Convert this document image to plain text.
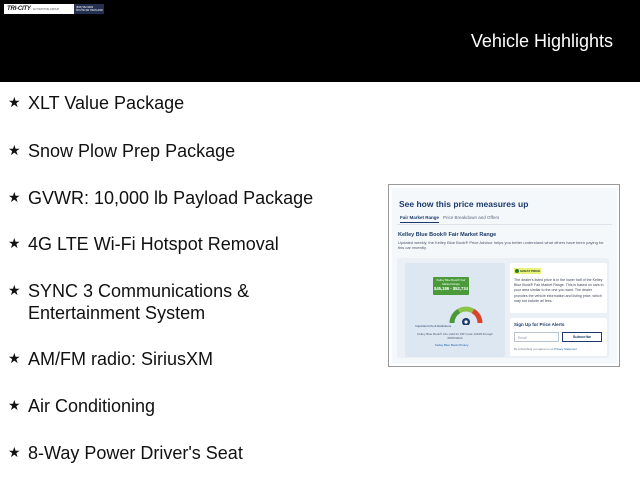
TRI-CITY AUTOMOTIVE GROUP	(833) 562-9082
ROUTE 9W HIGHLAND
Vehicle Highlights
★ XLT Value Package
★ Snow Plow Prep Package
★ GVWR: 10,000 lb Payload Package
★ 4G LTE Wi-Fi Hotspot Removal
★ SYNC 3 Communications & Entertainment System
★ AM/FM radio: SiriusXM
★ Air Conditioning
★ 8-Way Power Driver's Seat
See how this price measures up
Fair Market Range Price Breakdown and Offers
Kelley Blue Book® Fair Market Range
Updated weekly, the Kelley Blue Book® Price Advisor helps you better understand what others have been paying for this car recently.
Kelley Blue Book® Fair Market Range
$45,186 - $52,734
Important Info & Definitions
Kelley Blue Book® info valid for ZIP Code 12428 through 08/05/2022
Kelley Blue Book Privacy
GREAT PRICE
The dealer's listed price is in the lower half of the Kelley Blue Book® Fair Market Range. This is based on cars in your area similar to the one you want. The dealer provides the vehicle information and listing price, which may not include all fees.
Sign Up for Price Alerts
Email	Subscribe
By subscribing you agree to our Privacy Statement
